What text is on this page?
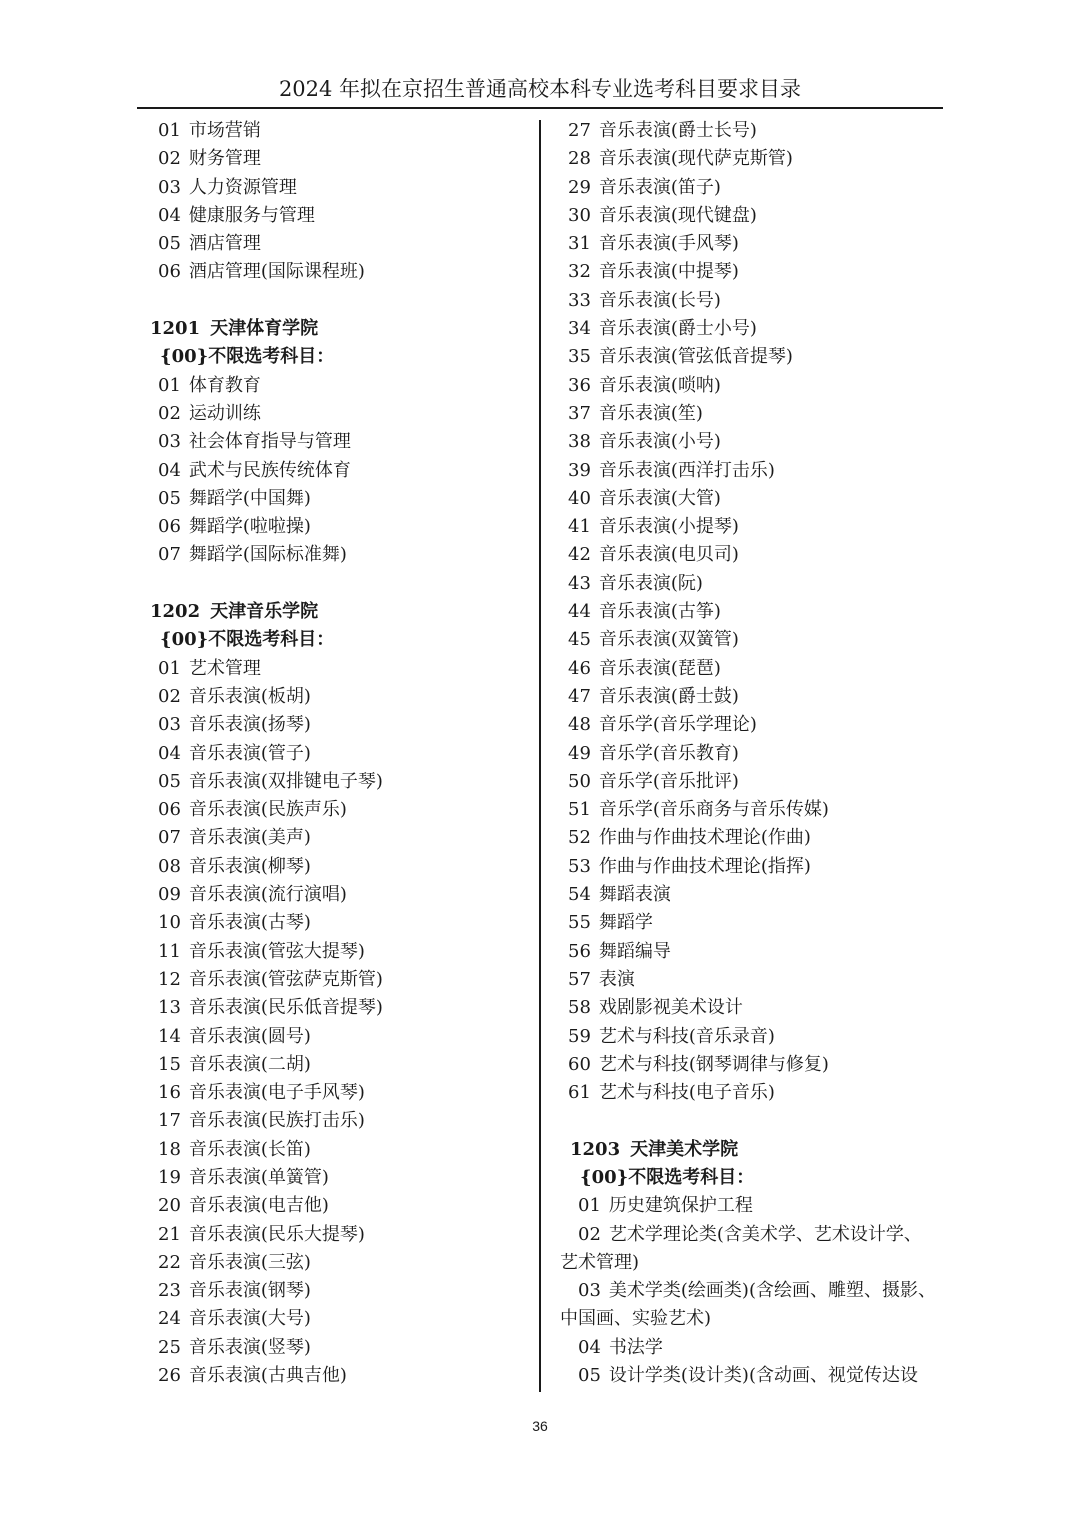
2024 年拟在京招生普通高校本科专业选考科目要求目录
01 市场营销
02 财务管理
03 人力资源管理
04 健康服务与管理
05 酒店管理
06 酒店管理(国际课程班)
1201 天津体育学院
{00}不限选考科目：
01 体育教育
02 运动训练
03 社会体育指导与管理
04 武术与民族传统体育
05 舞蹈学(中国舞)
06 舞蹈学(啦啦操)
07 舞蹈学(国际标准舞)
1202 天津音乐学院
{00}不限选考科目：
01 艺术管理
02 音乐表演(板胡)
03 音乐表演(扬琴)
04 音乐表演(管子)
05 音乐表演(双排键电子琴)
06 音乐表演(民族声乐)
07 音乐表演(美声)
08 音乐表演(柳琴)
09 音乐表演(流行演唱)
10 音乐表演(古琴)
11 音乐表演(管弦大提琴)
12 音乐表演(管弦萨克斯管)
13 音乐表演(民乐低音提琴)
14 音乐表演(圆号)
15 音乐表演(二胡)
16 音乐表演(电子手风琴)
17 音乐表演(民族打击乐)
18 音乐表演(长笛)
19 音乐表演(单簧管)
20 音乐表演(电吉他)
21 音乐表演(民乐大提琴)
22 音乐表演(三弦)
23 音乐表演(钢琴)
24 音乐表演(大号)
25 音乐表演(竖琴)
26 音乐表演(古典吉他)
27 音乐表演(爵士长号)
28 音乐表演(现代萨克斯管)
29 音乐表演(笛子)
30 音乐表演(现代键盘)
31 音乐表演(手风琴)
32 音乐表演(中提琴)
33 音乐表演(长号)
34 音乐表演(爵士小号)
35 音乐表演(管弦低音提琴)
36 音乐表演(唢呐)
37 音乐表演(笙)
38 音乐表演(小号)
39 音乐表演(西洋打击乐)
40 音乐表演(大管)
41 音乐表演(小提琴)
42 音乐表演(电贝司)
43 音乐表演(阮)
44 音乐表演(古筝)
45 音乐表演(双簧管)
46 音乐表演(琵琶)
47 音乐表演(爵士鼓)
48 音乐学(音乐学理论)
49 音乐学(音乐教育)
50 音乐学(音乐批评)
51 音乐学(音乐商务与音乐传媒)
52 作曲与作曲技术理论(作曲)
53 作曲与作曲技术理论(指挥)
54 舞蹈表演
55 舞蹈学
56 舞蹈编导
57 表演
58 戏剧影视美术设计
59 艺术与科技(音乐录音)
60 艺术与科技(钢琴调律与修复)
61 艺术与科技(电子音乐)
1203 天津美术学院
{00}不限选考科目：
01 历史建筑保护工程
02 艺术学理论类(含美术学、艺术设计学、
艺术管理)
03 美术学类(绘画类)(含绘画、雕塑、摄影、
中国画、实验艺术)
04 书法学
05 设计学类(设计类)(含动画、视觉传达设
36
